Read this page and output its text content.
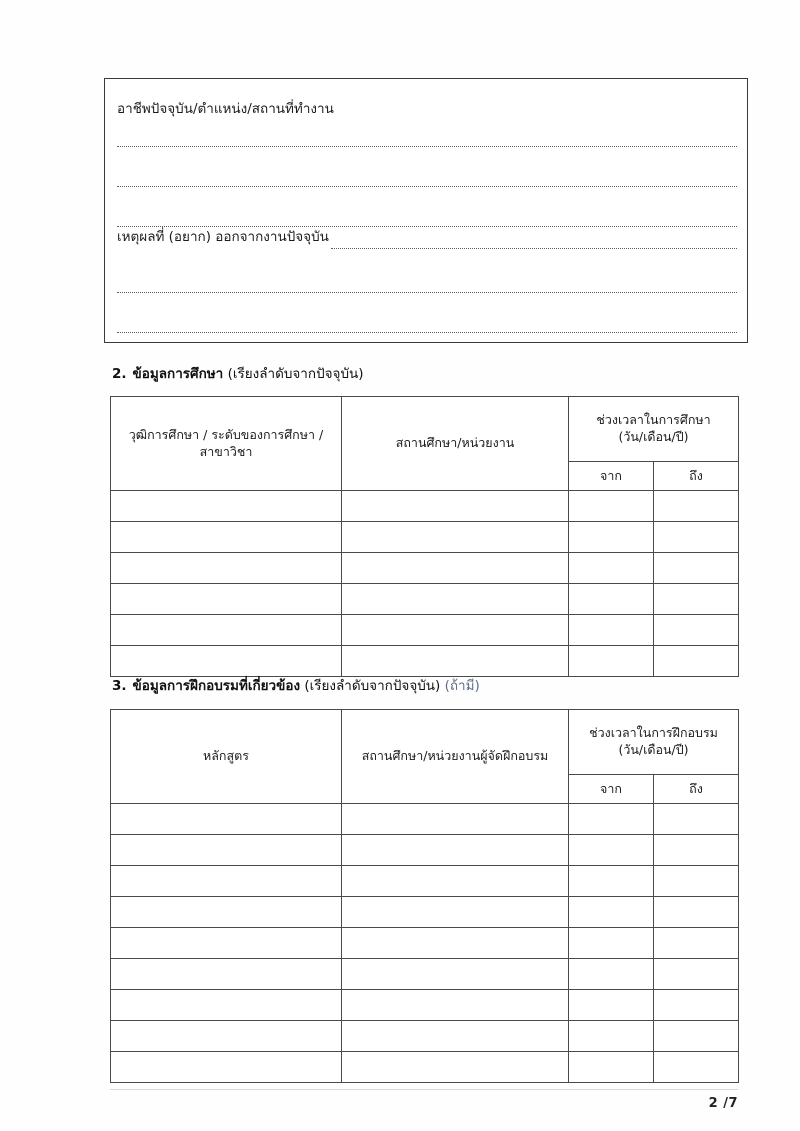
อาชีพปัจจุบัน/ตำแหน่ง/สถานที่ทำงาน
เหตุผลที่ (อยาก) ออกจากงานปัจจุบัน
2. ข้อมูลการศึกษา (เรียงลำดับจากปัจจุบัน)
วุฒิการศึกษา / ระดับของการศึกษา / สาขาวิชา	สถานศึกษา/หน่วยงาน	ช่วงเวลาในการศึกษา
(วัน/เดือน/ปี)	

		จาก	ถึง

3. ข้อมูลการฝึกอบรมที่เกี่ยวข้อง (เรียงลำดับจากปัจจุบัน) (ถ้ามี)
หลักสูตร	สถานศึกษา/หน่วยงานผู้จัดฝึกอบรม	ช่วงเวลาในการฝึกอบรม
(วัน/เดือน/ปี)	

		จาก	ถึง

2 /7
